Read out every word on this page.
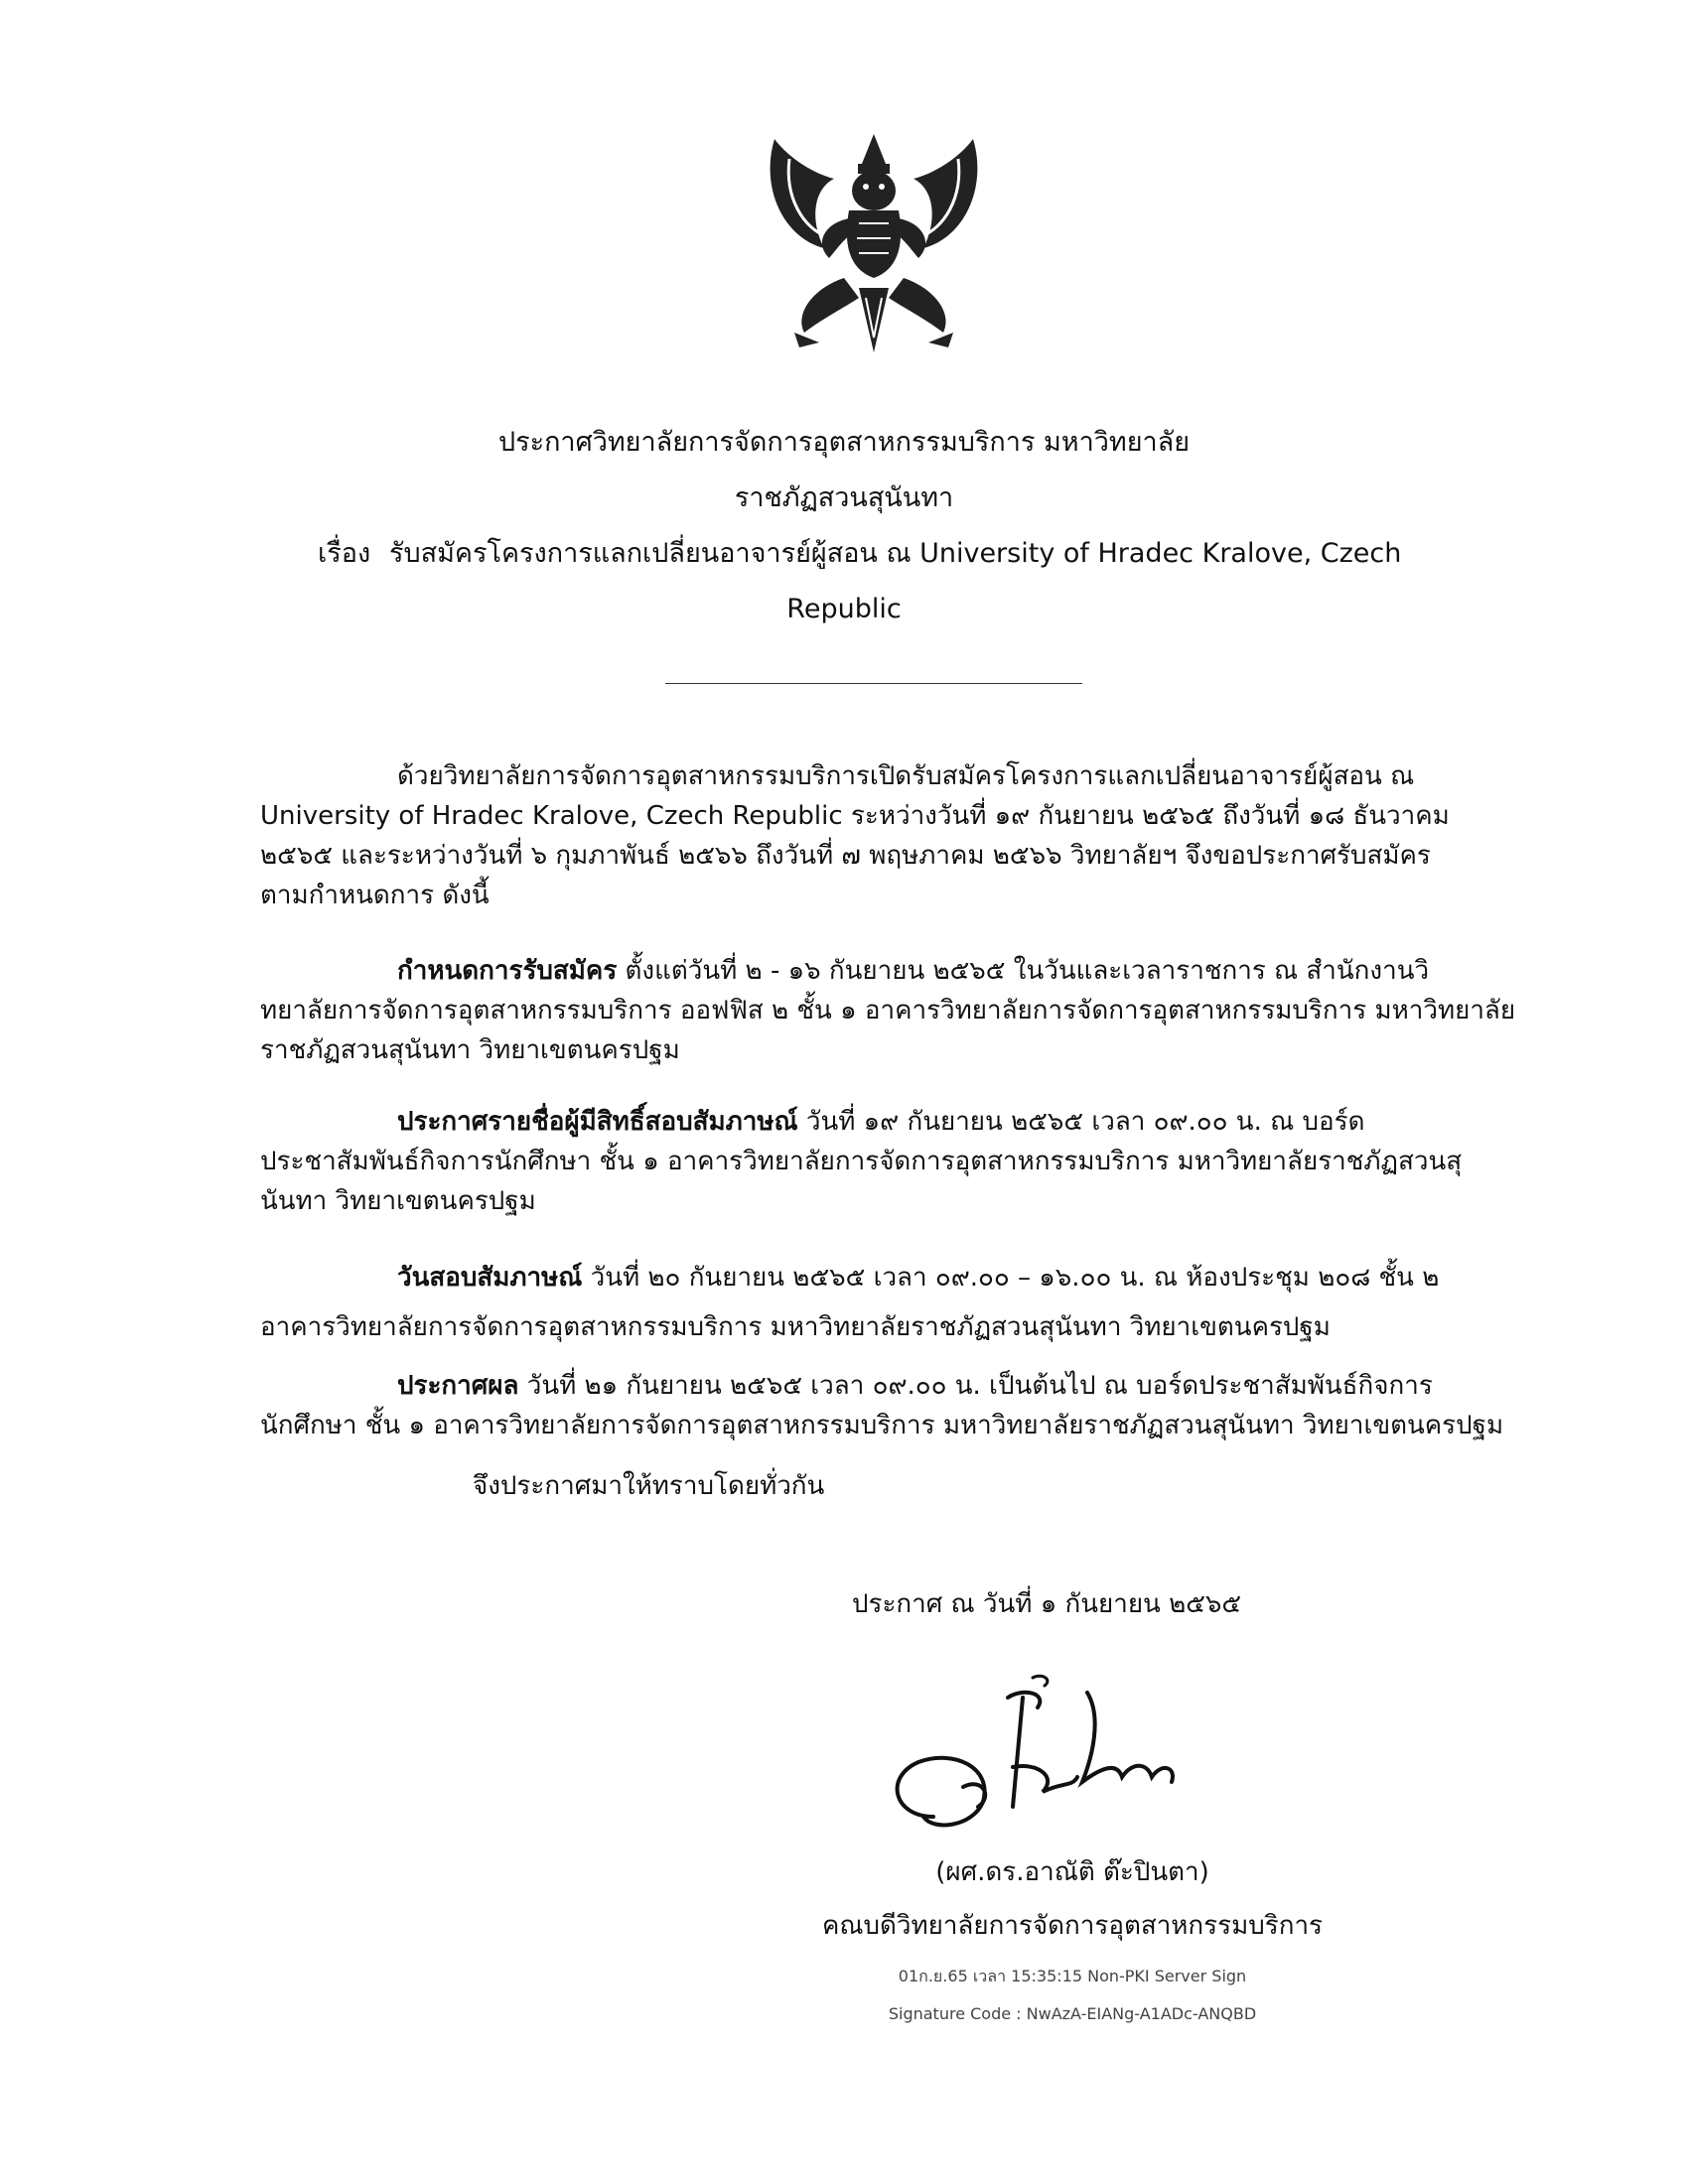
ประกาศวิทยาลัยการจัดการอุตสาหกรรมบริการ มหาวิทยาลัย
ราชภัฏสวนสุนันทา
เรื่อง รับสมัครโครงการแลกเปลี่ยนอาจารย์ผู้สอน ณ University of Hradec Kralove, Czech
Republic
ด้วยวิทยาลัยการจัดการอุตสาหกรรมบริการเปิดรับสมัครโครงการแลกเปลี่ยนอาจารย์ผู้สอน ณ
University of Hradec Kralove, Czech Republic ระหว่างวันที่ ๑๙ กันยายน ๒๕๖๕ ถึงวันที่ ๑๘ ธันวาคม
๒๕๖๕ และระหว่างวันที่ ๖ กุมภาพันธ์ ๒๕๖๖ ถึงวันที่ ๗ พฤษภาคม ๒๕๖๖ วิทยาลัยฯ จึงขอประกาศรับสมัคร
ตามกำหนดการ ดังนี้
กำหนดการรับสมัคร ตั้งแต่วันที่ ๒ - ๑๖ กันยายน ๒๕๖๕ ในวันและเวลาราชการ ณ สำนักงานวิ
ทยาลัยการจัดการอุตสาหกรรมบริการ ออฟฟิส ๒ ชั้น ๑ อาคารวิทยาลัยการจัดการอุตสาหกรรมบริการ มหาวิทยาลัย
ราชภัฏสวนสุนันทา วิทยาเขตนครปฐม
ประกาศรายชื่อผู้มีสิทธิ์สอบสัมภาษณ์ วันที่ ๑๙ กันยายน ๒๕๖๕ เวลา ๐๙.๐๐ น. ณ บอร์ด
ประชาสัมพันธ์กิจการนักศึกษา ชั้น ๑ อาคารวิทยาลัยการจัดการอุตสาหกรรมบริการ มหาวิทยาลัยราชภัฏสวนสุ
นันทา วิทยาเขตนครปฐม
วันสอบสัมภาษณ์ วันที่ ๒๐ กันยายน ๒๕๖๕ เวลา ๐๙.๐๐ – ๑๖.๐๐ น. ณ ห้องประชุม ๒๐๘ ชั้น ๒
อาคารวิทยาลัยการจัดการอุตสาหกรรมบริการ มหาวิทยาลัยราชภัฏสวนสุนันทา วิทยาเขตนครปฐม
ประกาศผล วันที่ ๒๑ กันยายน ๒๕๖๕ เวลา ๐๙.๐๐ น. เป็นต้นไป ณ บอร์ดประชาสัมพันธ์กิจการ
นักศึกษา ชั้น ๑ อาคารวิทยาลัยการจัดการอุตสาหกรรมบริการ มหาวิทยาลัยราชภัฏสวนสุนันทา วิทยาเขตนครปฐม
จึงประกาศมาให้ทราบโดยทั่วกัน
ประกาศ ณ วันที่ ๑ กันยายน ๒๕๖๕
(ผศ.ดร.อาณัติ ต๊ะปินตา)
คณบดีวิทยาลัยการจัดการอุตสาหกรรมบริการ
01ก.ย.65 เวลา 15:35:15 Non-PKI Server Sign
Signature Code : NwAzA-EIANg-A1ADc-ANQBD
